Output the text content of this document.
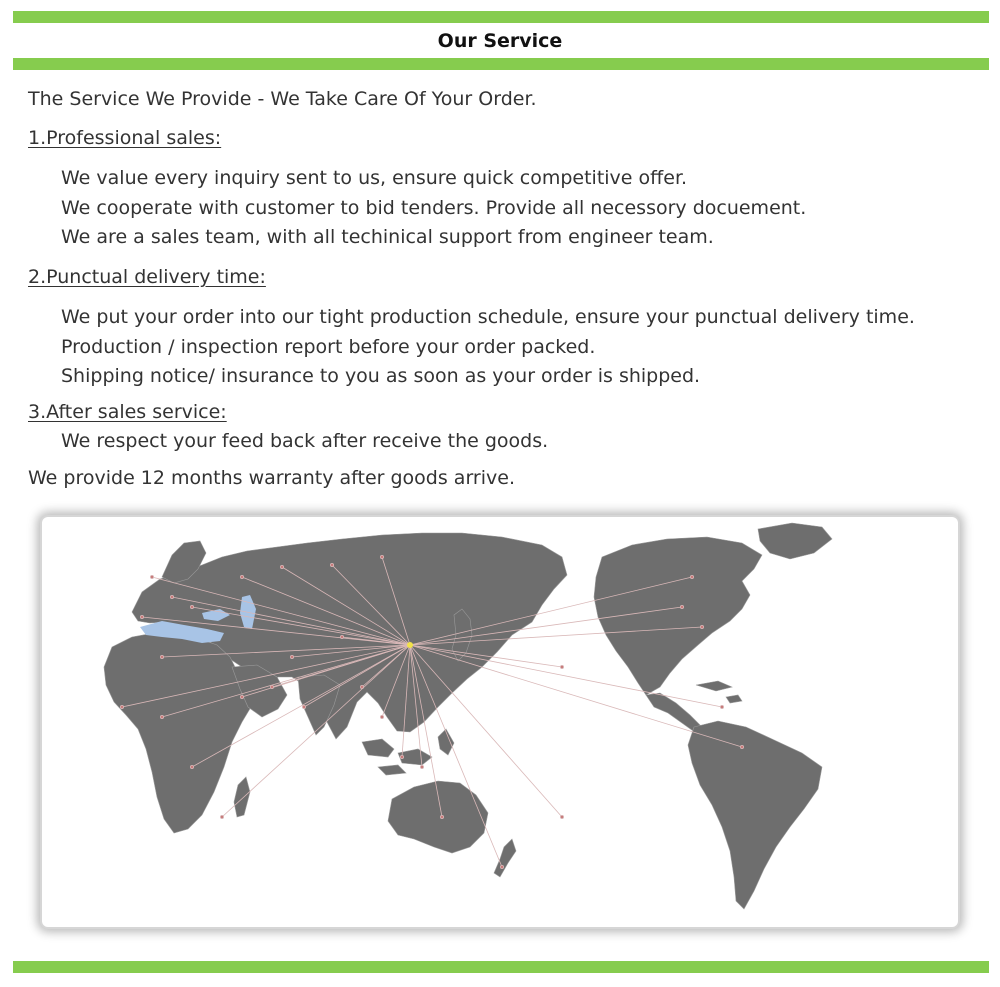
Our Service
The Service We Provide - We Take Care Of Your Order.
1.Professional sales:
We value every inquiry sent to us, ensure quick competitive offer.
We cooperate with customer to bid tenders. Provide all necessory docuement.
We are a sales team, with all techinical support from engineer team.
2.Punctual delivery time:
We put your order into our tight production schedule, ensure your punctual delivery time.
Production / inspection report before your order packed.
Shipping notice/ insurance to you as soon as your order is shipped.
3.After sales service:
We respect your feed back after receive the goods.
We provide 12 months warranty after goods arrive.
